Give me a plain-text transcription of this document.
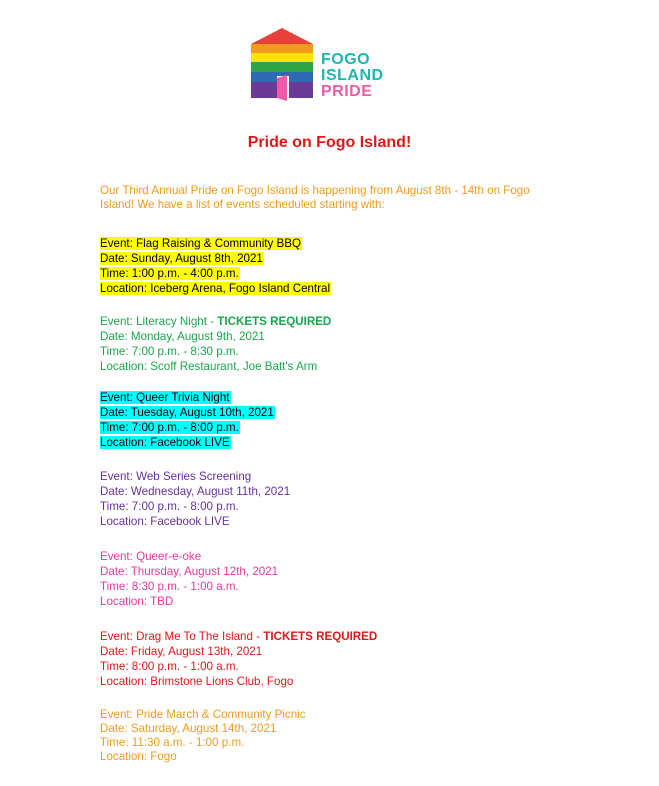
FOGO
ISLAND
PRIDE
Pride on Fogo Island!

Our Third Annual Pride on Fogo Island is happening from August 8th - 14th on Fogo Island! We have a list of events scheduled starting with:

Event: Flag Raising & Community BBQ
Date: Sunday, August 8th, 2021
Time: 1:00 p.m. - 4:00 p.m.
Location: Iceberg Arena, Fogo Island Central
Event: Literacy Night - TICKETS REQUIRED
Date: Monday, August 9th, 2021
Time: 7:00 p.m. - 8:30 p.m.
Location: Scoff Restaurant, Joe Batt's Arm
Event: Queer Trivia Night
Date: Tuesday, August 10th, 2021
Time: 7:00 p.m. - 8:00 p.m.
Location: Facebook LIVE
Event: Web Series Screening
Date: Wednesday, August 11th, 2021
Time: 7:00 p.m. - 8:00 p.m.
Location: Facebook LIVE
Event: Queer-e-oke
Date: Thursday, August 12th, 2021
Time: 8:30 p.m. - 1:00 a.m.
Location: TBD
Event: Drag Me To The Island - TICKETS REQUIRED
Date: Friday, August 13th, 2021
Time: 8:00 p.m. - 1:00 a.m.
Location: Brimstone Lions Club, Fogo
Event: Pride March & Community Picnic
Date: Saturday, August 14th, 2021
Time: 11:30 a.m. - 1:00 p.m.
Location: Fogo
